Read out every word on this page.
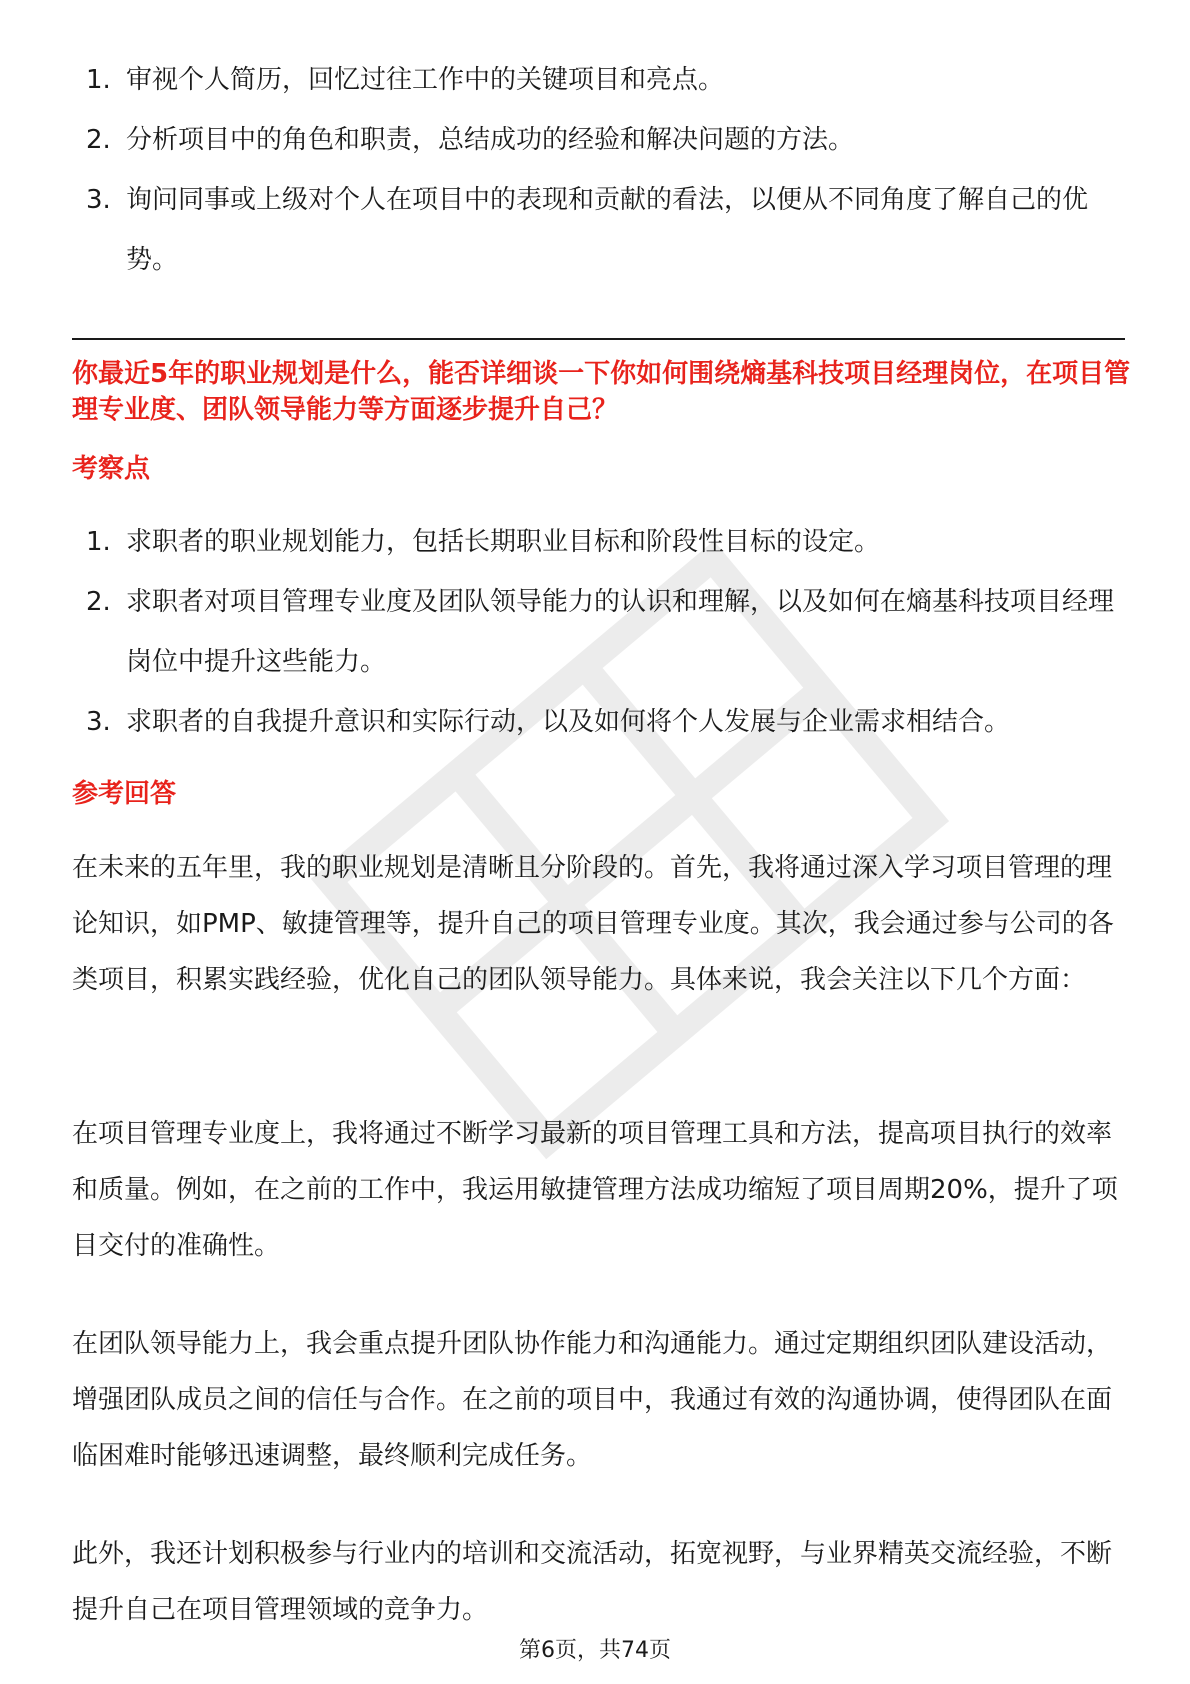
1. 审视个人简历，回忆过往工作中的关键项目和亮点。
2. 分析项目中的角色和职责，总结成功的经验和解决问题的方法。
3. 询问同事或上级对个人在项目中的表现和贡献的看法，以便从不同角度了解自己的优势。
你最近5年的职业规划是什么，能否详细谈一下你如何围绕熵基科技项目经理岗位，在项目管理专业度、团队领导能力等方面逐步提升自己？
考察点
1. 求职者的职业规划能力，包括长期职业目标和阶段性目标的设定。
2. 求职者对项目管理专业度及团队领导能力的认识和理解，以及如何在熵基科技项目经理岗位中提升这些能力。
3. 求职者的自我提升意识和实际行动，以及如何将个人发展与企业需求相结合。
参考回答

在未来的五年里，我的职业规划是清晰且分阶段的。首先，我将通过深入学习项目管理的理论知识，如PMP、敏捷管理等，提升自己的项目管理专业度。其次，我会通过参与公司的各类项目，积累实践经验，优化自己的团队领导能力。具体来说，我会关注以下几个方面：

在项目管理专业度上，我将通过不断学习最新的项目管理工具和方法，提高项目执行的效率和质量。例如，在之前的工作中，我运用敏捷管理方法成功缩短了项目周期20%，提升了项目交付的准确性。

在团队领导能力上，我会重点提升团队协作能力和沟通能力。通过定期组织团队建设活动，增强团队成员之间的信任与合作。在之前的项目中，我通过有效的沟通协调，使得团队在面临困难时能够迅速调整，最终顺利完成任务。

此外，我还计划积极参与行业内的培训和交流活动，拓宽视野，与业界精英交流经验，不断提升自己在项目管理领域的竞争力。

第6页，共74页
